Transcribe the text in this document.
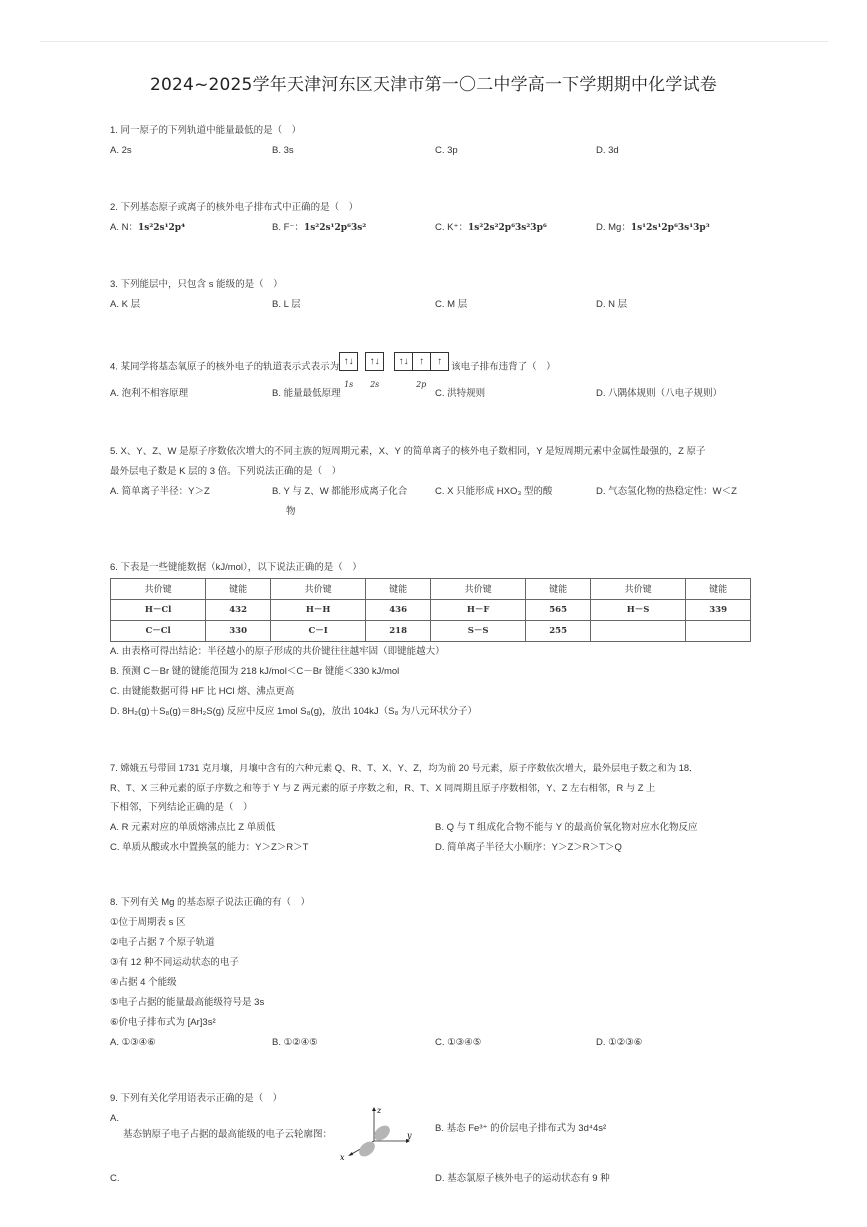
2024~2025学年天津河东区天津市第一〇二中学高一下学期期中化学试卷
1. 同一原子的下列轨道中能量最低的是（　）
A. 2s	B. 3s	C. 3p	D. 3d
2. 下列基态原子或离子的核外电子排布式中正确的是（　）
A. N：1s²2s¹2p⁴	B. F⁻：1s²2s¹2p⁶3s²	C. K⁺：1s²2s²2p⁶3s²3p⁶	D. Mg：1s¹2s¹2p⁶3s¹3p³
3. 下列能层中，只包含 s 能级的是（　）
A. K 层	B. L 层	C. M 层	D. N 层
4. 某同学将基态氧原子的核外电子的轨道表示式表示为
↑↓
1s
↑↓
2s
↑↓ ↑ ↑
2p
该电子排布违背了（　）
A. 泡利不相容原理	B. 能量最低原理	C. 洪特规则	D. 八隅体规则（八电子规则）
5. X、Y、Z、W 是原子序数依次增大的不同主族的短周期元素，X、Y 的简单离子的核外电子数相同，Y 是短周期元素中金属性最强的，Z 原子
最外层电子数是 K 层的 3 倍。下列说法正确的是（　）
A. 简单离子半径：Y＞Z	B. Y 与 Z、W 都能形成离子化合
物
C. X 只能形成 HXO₃ 型的酸	D. 气态氢化物的热稳定性：W＜Z
6. 下表是一些键能数据（kJ/mol），以下说法正确的是（　）
共价键	键能	共价键	键能	共价键	键能	共价键	键能
H－Cl	432	H－H	436	H－F	565	H－S	339
C－Cl	330	C－I	218	S－S	255		
A. 由表格可得出结论：半径越小的原子形成的共价键往往越牢固（即键能越大）
B. 预测 C－Br 键的键能范围为 218 kJ/mol＜C－Br 键能＜330 kJ/mol
C. 由键能数据可得 HF 比 HCl 熔、沸点更高
D. 8H₂(g)＋S₈(g)＝8H₂S(g) 反应中反应 1mol S₈(g)，放出 104kJ（S₈ 为八元环状分子）
7. 嫦娥五号带回 1731 克月壤，月壤中含有的六种元素 Q、R、T、X、Y、Z，均为前 20 号元素，原子序数依次增大，最外层电子数之和为 18．
R、T、X 三种元素的原子序数之和等于 Y 与 Z 两元素的原子序数之和，R、T、X 同周期且原子序数相邻，Y、Z 左右相邻，R 与 Z 上
下相邻，下列结论正确的是（　）
A. R 元素对应的单质熔沸点比 Z 单质低	B. Q 与 T 组成化合物不能与 Y 的最高价氧化物对应水化物反应
C. 单质从酸或水中置换氢的能力：Y＞Z＞R＞T	D. 简单离子半径大小顺序：Y＞Z＞R＞T＞Q
8. 下列有关 Mg 的基态原子说法正确的有（　）
①位于周期表 s 区
②电子占据 7 个原子轨道
③有 12 种不同运动状态的电子
④占据 4 个能级
⑤电子占据的能量最高能级符号是 3s
⑥价电子排布式为 [Ar]3s²
A. ①③④⑥	B. ①②④⑤	C. ①③④⑤	D. ①②③⑥
9. 下列有关化学用语表示正确的是（　）
A.
基态钠原子电子占据的最高能级的电子云轮廓图：
z
y
x
B. 基态 Fe³⁺ 的价层电子排布式为 3d⁴4s²
C.	D. 基态氯原子核外电子的运动状态有 9 种
